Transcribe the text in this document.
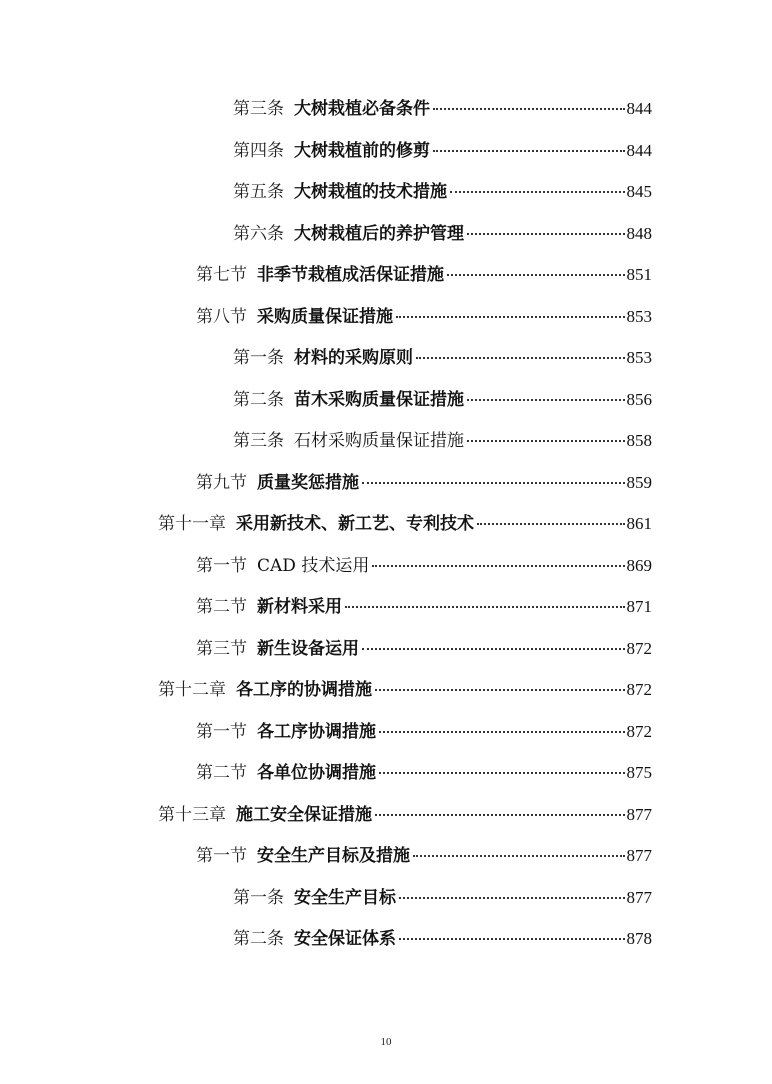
第三条 大树栽植必备条件	844
第四条 大树栽植前的修剪	844
第五条 大树栽植的技术措施	845
第六条 大树栽植后的养护管理	848
第七节 非季节栽植成活保证措施	851
第八节 采购质量保证措施	853
第一条 材料的采购原则	853
第二条 苗木采购质量保证措施	856
第三条 石材采购质量保证措施	858
第九节 质量奖惩措施	859
第十一章 采用新技术、新工艺、专利技术	861
第一节 CAD 技术运用	869
第二节 新材料采用	871
第三节 新生设备运用	872
第十二章 各工序的协调措施	872
第一节 各工序协调措施	872
第二节 各单位协调措施	875
第十三章 施工安全保证措施	877
第一节 安全生产目标及措施	877
第一条 安全生产目标	877
第二条 安全保证体系	878
10
